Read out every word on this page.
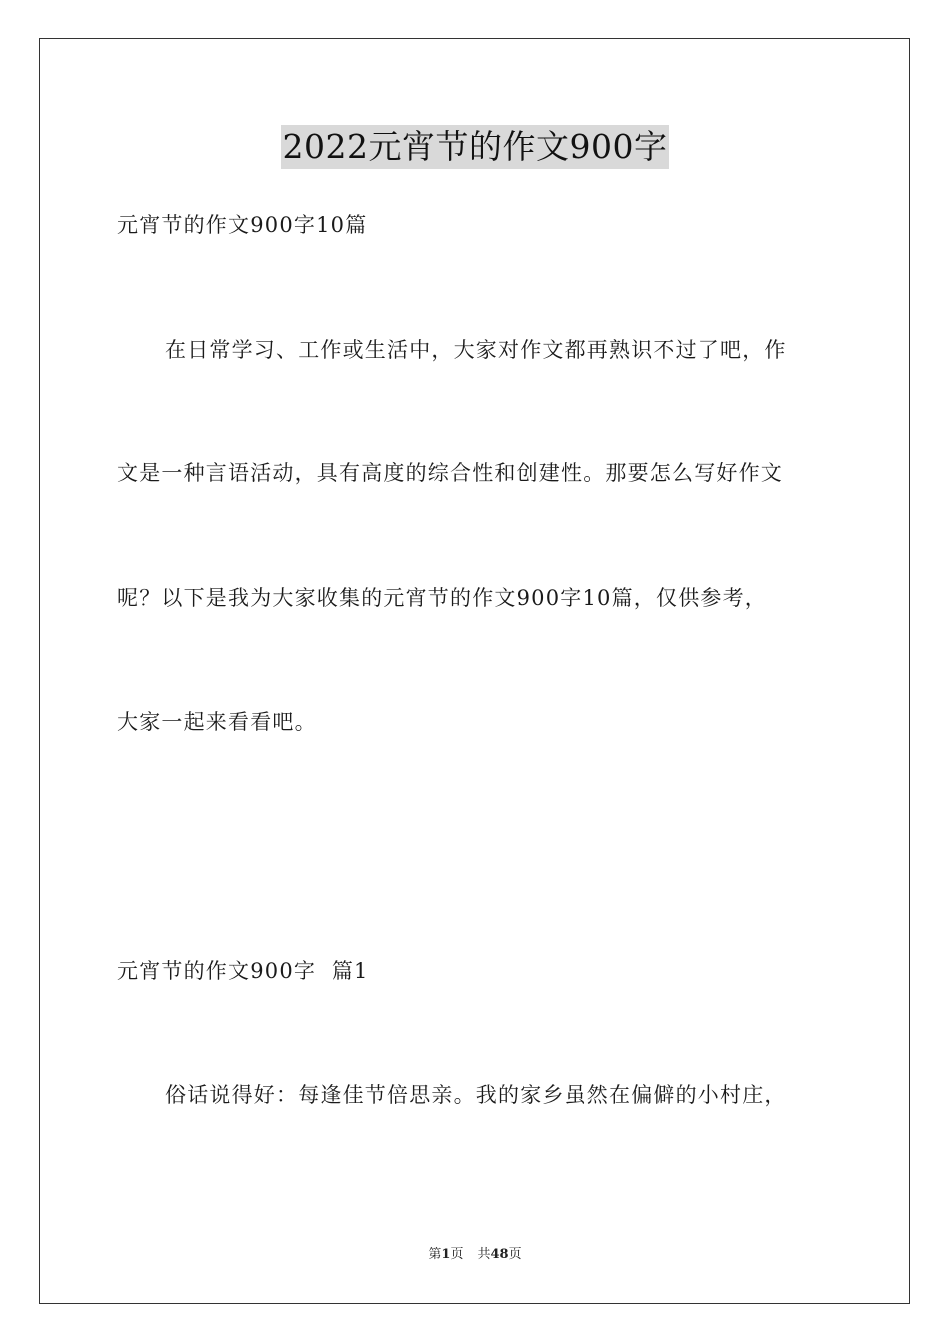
2022元宵节的作文900字
元宵节的作文900字10篇
在日常学习、工作或生活中，大家对作文都再熟识不过了吧，作
文是一种言语活动，具有高度的综合性和创建性。那要怎么写好作文
呢？以下是我为大家收集的元宵节的作文900字10篇，仅供参考，
大家一起来看看吧。
元宵节的作文900字  篇1
俗话说得好：每逢佳节倍思亲。我的家乡虽然在偏僻的小村庄，
第1页 共48页
